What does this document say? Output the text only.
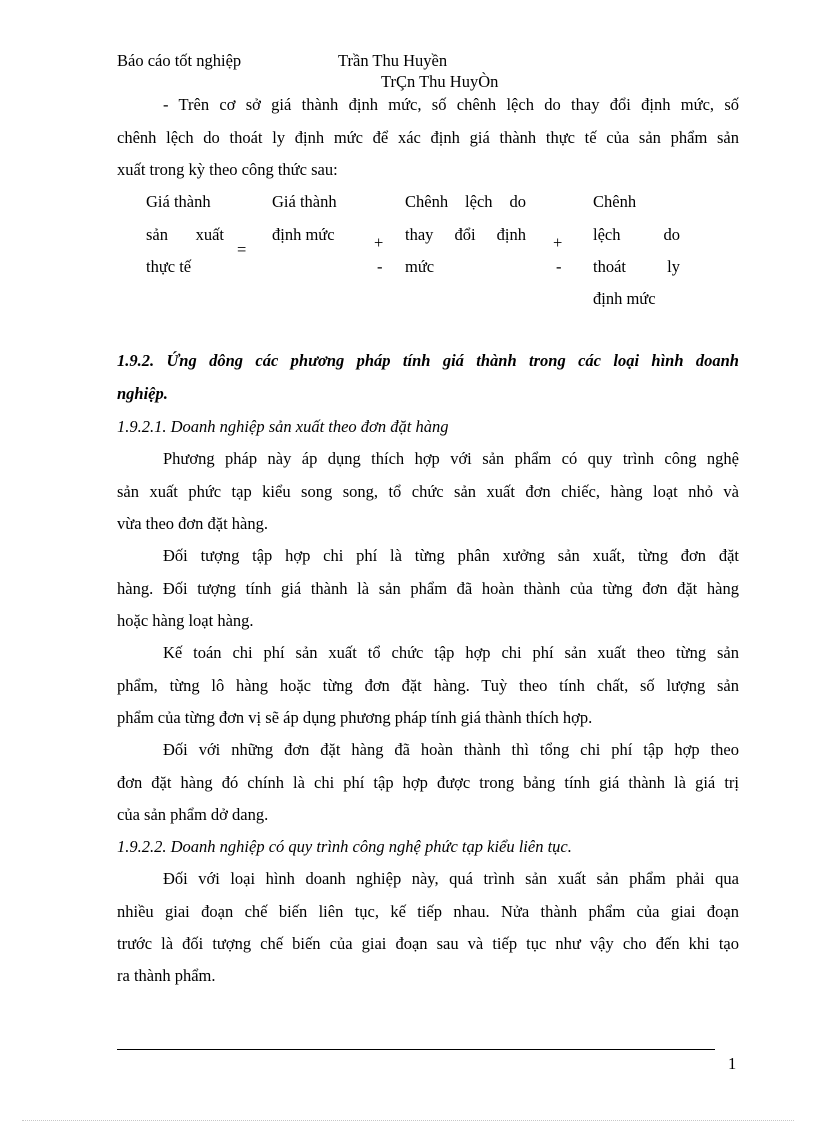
Báo cáo tốt nghiệp	Trần Thu Huyền
TrÇn Thu HuyÒn
- Trên cơ sở giá thành định mức, số chênh lệch do thay đổi định mức, số
chênh lệch do thoát ly định mức để xác định giá thành thực tế của sản phẩm sản
xuất trong kỳ theo công thức sau:
Giá thành
sản xuất
thực tế
=
Giá thành
định mức +
-
Chênh lệch do
thay đổi định
mức
+
-
Chênh
lệch do
thoát ly
định mức
1.9.2. Ứng dông các phương pháp tính giá thành trong các loại hình doanh
nghiệp.
1.9.2.1. Doanh nghiệp sản xuất theo đơn đặt hàng
Phương pháp này áp dụng thích hợp với sản phẩm có quy trình công nghệ
sản xuất phức tạp kiểu song song, tổ chức sản xuất đơn chiếc, hàng loạt nhỏ và
vừa theo đơn đặt hàng.
Đối tượng tập hợp chi phí là từng phân xưởng sản xuất, từng đơn đặt
hàng. Đối tượng tính giá thành là sản phẩm đã hoàn thành của từng đơn đặt hàng
hoặc hàng loạt hàng.
Kế toán chi phí sản xuất tổ chức tập hợp chi phí sản xuất theo từng sản
phẩm, từng lô hàng hoặc từng đơn đặt hàng. Tuỳ theo tính chất, số lượng sản
phẩm của từng đơn vị sẽ áp dụng phương pháp tính giá thành thích hợp.
Đối với những đơn đặt hàng đã hoàn thành thì tổng chi phí tập hợp theo
đơn đặt hàng đó chính là chi phí tập hợp được trong bảng tính giá thành là giá trị
của sản phẩm dở dang.
1.9.2.2. Doanh nghiệp có quy trình công nghệ phức tạp kiểu liên tục.
Đối với loại hình doanh nghiệp này, quá trình sản xuất sản phẩm phải qua
nhiều giai đoạn chế biến liên tục, kế tiếp nhau. Nửa thành phẩm của giai đoạn
trước là đối tượng chế biến của giai đoạn sau và tiếp tục như vậy cho đến khi tạo
ra thành phẩm.
1
